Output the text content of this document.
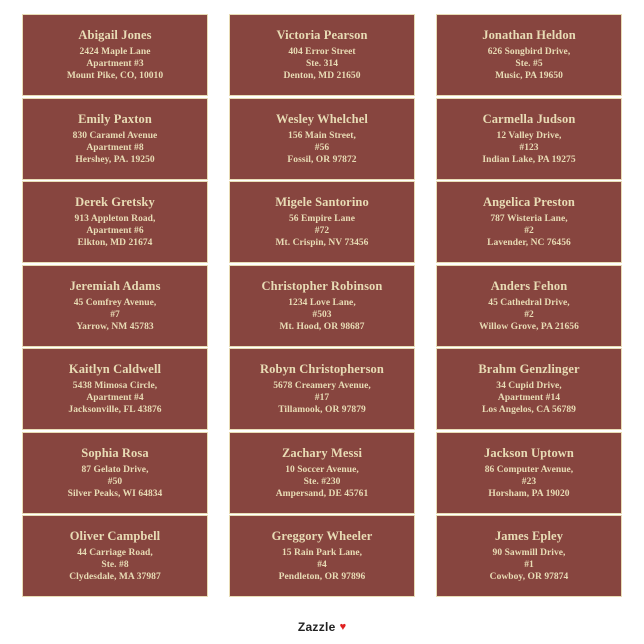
Abigail Jones
2424 Maple Lane
Apartment #3
Mount Pike, CO, 10010
Victoria Pearson
404 Error Street
Ste. 314
Denton, MD 21650
Jonathan Heldon
626 Songbird Drive,
Ste. #5
Music, PA 19650
Emily Paxton
830 Caramel Avenue
Apartment #8
Hershey, PA. 19250
Wesley Whelchel
156 Main Street,
#56
Fossil, OR 97872
Carmella Judson
12 Valley Drive,
#123
Indian Lake, PA 19275
Derek Gretsky
913 Appleton Road,
Apartment #6
Elkton, MD 21674
Migele Santorino
56 Empire Lane
#72
Mt. Crispin, NV 73456
Angelica Preston
787 Wisteria Lane,
#2
Lavender, NC 76456
Jeremiah Adams
45 Comfrey Avenue,
#7
Yarrow, NM 45783
Christopher Robinson
1234 Love Lane,
#503
Mt. Hood, OR 98687
Anders Fehon
45 Cathedral Drive,
#2
Willow Grove, PA 21656
Kaitlyn Caldwell
5438 Mimosa Circle,
Apartment #4
Jacksonville, FL 43876
Robyn Christopherson
5678 Creamery Avenue,
#17
Tillamook, OR 97879
Brahm Genzlinger
34 Cupid Drive,
Apartment #14
Los Angelos, CA 56789
Sophia Rosa
87 Gelato Drive,
#50
Silver Peaks, WI 64834
Zachary Messi
10 Soccer Avenue,
Ste. #230
Ampersand, DE 45761
Jackson Uptown
86 Computer Avenue,
#23
Horsham, PA 19020
Oliver Campbell
44 Carriage Road,
Ste. #8
Clydesdale, MA 37987
Greggory Wheeler
15 Rain Park Lane,
#4
Pendleton, OR 97896
James Epley
90 Sawmill Drive,
#1
Cowboy, OR 97874
Zazzle ♥
